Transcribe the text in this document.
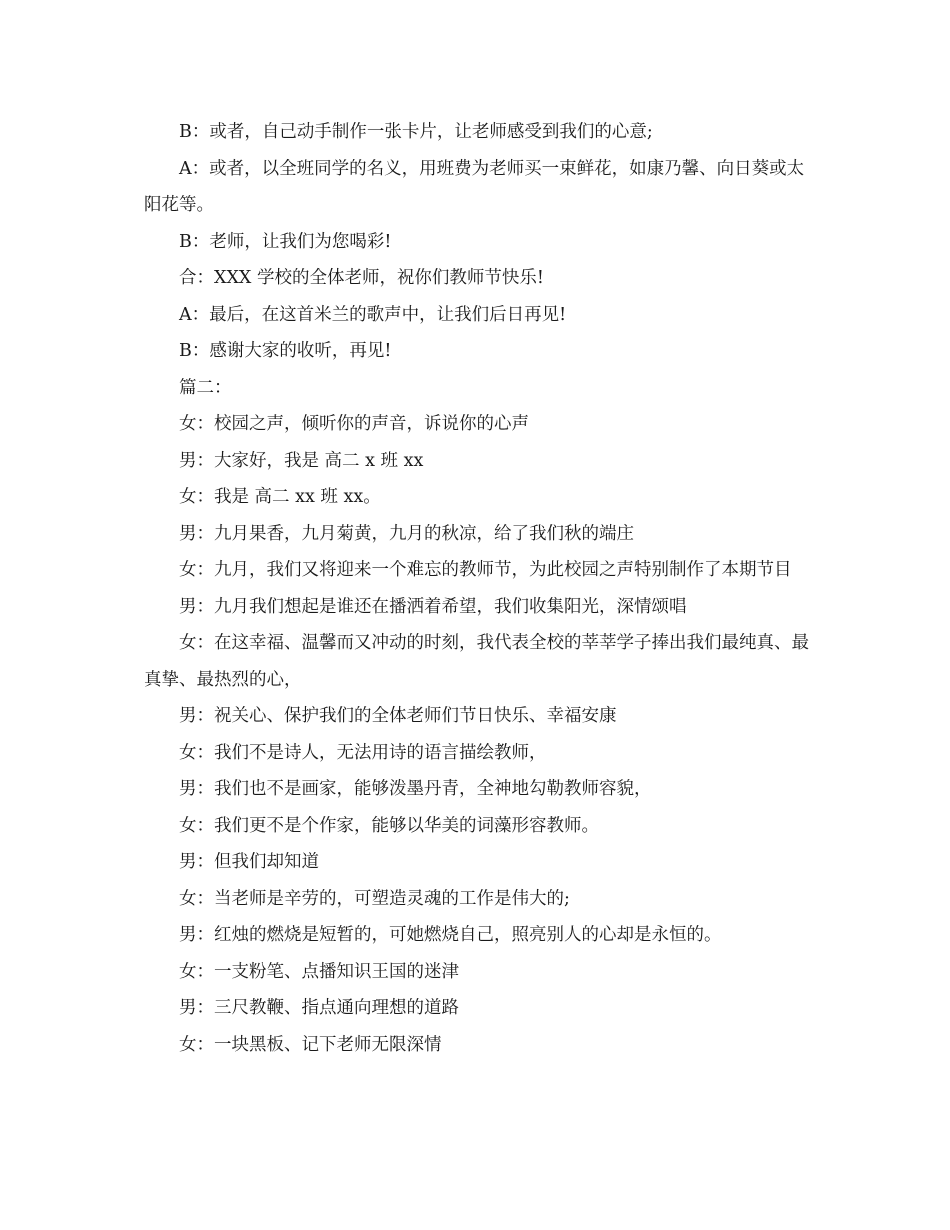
B：或者，自己动手制作一张卡片，让老师感受到我们的心意;

A：或者，以全班同学的名义，用班费为老师买一束鲜花，如康乃馨、向日葵或太阳花等。

B：老师，让我们为您喝彩!

合：XXX 学校的全体老师，祝你们教师节快乐!

A：最后，在这首米兰的歌声中，让我们后日再见!

B：感谢大家的收听，再见!

篇二：

女：校园之声，倾听你的声音，诉说你的心声

男：大家好，我是 高二 x 班 xx

女：我是 高二 xx 班 xx。

男：九月果香，九月菊黄，九月的秋凉，给了我们秋的端庄

女：九月，我们又将迎来一个难忘的教师节，为此校园之声特别制作了本期节目

男：九月我们想起是谁还在播洒着希望，我们收集阳光，深情颂唱

女：在这幸福、温馨而又冲动的时刻，我代表全校的莘莘学子捧出我们最纯真、最真挚、最热烈的心，

男：祝关心、保护我们的全体老师们节日快乐、幸福安康

女：我们不是诗人，无法用诗的语言描绘教师，

男：我们也不是画家，能够泼墨丹青，全神地勾勒教师容貌，

女：我们更不是个作家，能够以华美的词藻形容教师。

男：但我们却知道

女：当老师是辛劳的，可塑造灵魂的工作是伟大的;

男：红烛的燃烧是短暂的，可她燃烧自己，照亮别人的心却是永恒的。

女：一支粉笔、点播知识王国的迷津

男：三尺教鞭、指点通向理想的道路

女：一块黑板、记下老师无限深情
